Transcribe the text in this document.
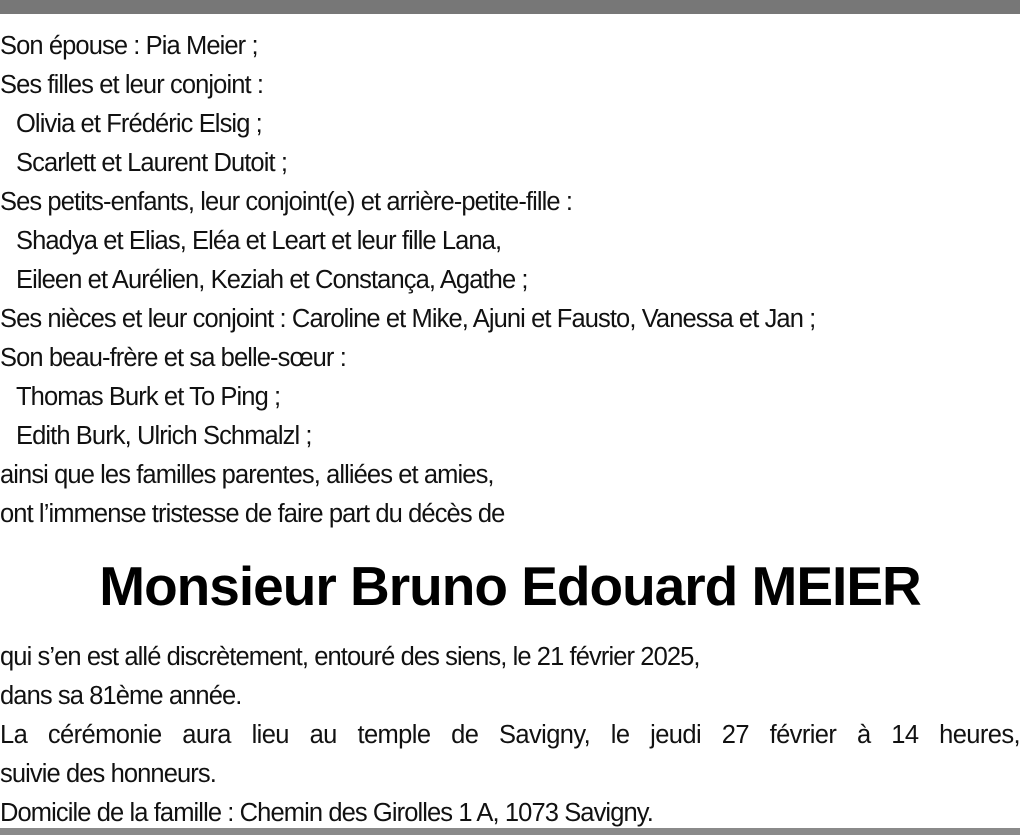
Son épouse : Pia Meier ;
Ses filles et leur conjoint :
Olivia et Frédéric Elsig ;
Scarlett et Laurent Dutoit ;
Ses petits-enfants, leur conjoint(e) et arrière-petite-fille :
Shadya et Elias, Eléa et Leart et leur fille Lana,
Eileen et Aurélien, Keziah et Constança, Agathe ;
Ses nièces et leur conjoint : Caroline et Mike, Ajuni et Fausto, Vanessa et Jan ;
Son beau-frère et sa belle-sœur :
Thomas Burk et To Ping ;
Edith Burk, Ulrich Schmalzl ;
ainsi que les familles parentes, alliées et amies,
ont l’immense tristesse de faire part du décès de
Monsieur Bruno Edouard MEIER
qui s’en est allé discrètement, entouré des siens, le 21 février 2025,
dans sa 81ème année.
La cérémonie aura lieu au temple de Savigny, le jeudi 27 février à 14 heures,
suivie des honneurs.
Domicile de la famille : Chemin des Girolles 1 A, 1073 Savigny.
